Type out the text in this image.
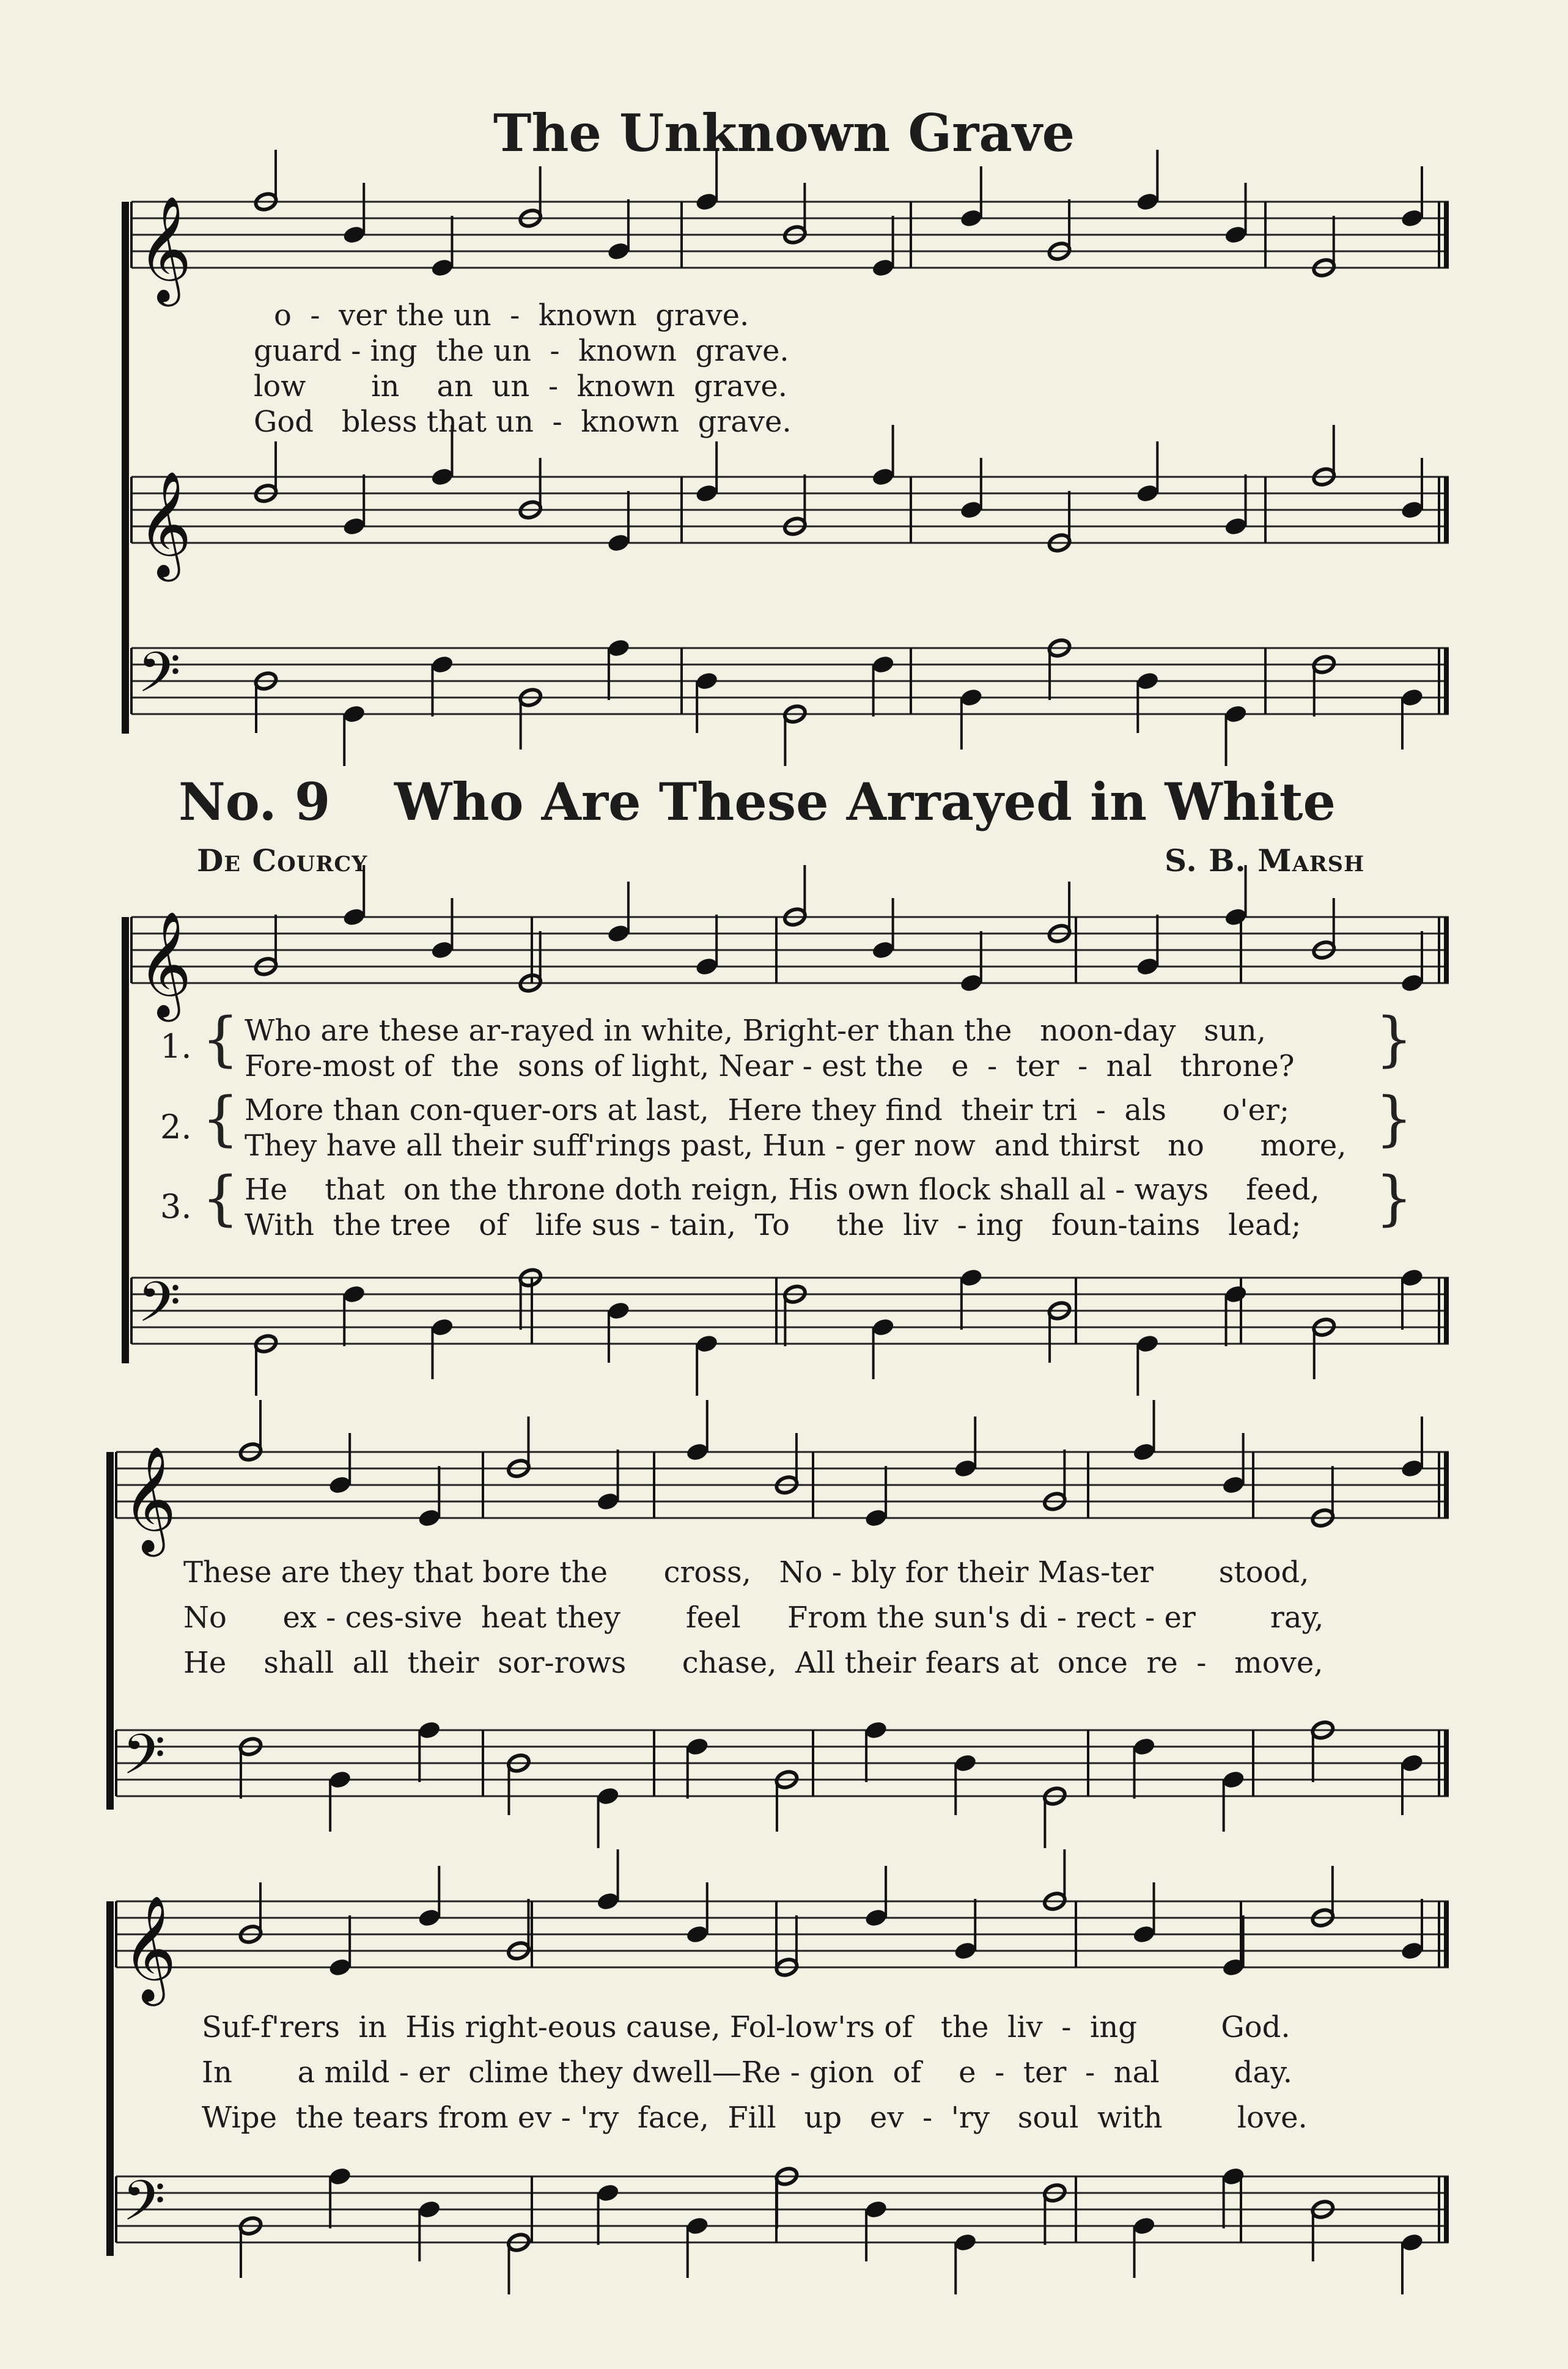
The Unknown Grave
No. 9 Who Are These Arrayed in White
De Courcy	S. B. Marsh
𝄞
𝄞
𝄢
𝄞
𝄢
𝄞
𝄢
𝄞
𝄢
o  -  ver the un  -  known  grave.
guard - ing  the un  -  known  grave.
low       in    an  un  -  known  grave.
God   bless that un  -  known  grave.
1.
2.
3.
{
{
{
}
}
}
Who are these ar-rayed in white, Bright-er than the   noon-day   sun,
Fore-most of  the  sons of light, Near - est the   e  -  ter  -  nal   throne?
More than con-quer-ors at last,  Here they find  their tri  -  als      o'er;
They have all their suff'rings past, Hun - ger now  and thirst   no      more,
He    that  on the throne doth reign, His own flock shall al - ways    feed,
With  the tree   of   life sus - tain,  To     the  liv  - ing   foun-tains   lead;
These are they that bore the      cross,   No - bly for their Mas-ter       stood,
No      ex - ces-sive  heat they       feel     From the sun's di - rect - er        ray,
He    shall  all  their  sor-rows      chase,  All their fears at  once  re  -   move,
Suf-f'rers  in  His right-eous cause, Fol-low'rs of   the  liv  -  ing         God.
In       a mild - er  clime they dwell—Re - gion  of    e  -  ter  -  nal        day.
Wipe  the tears from ev - 'ry  face,  Fill   up   ev  -  'ry   soul  with        love.
